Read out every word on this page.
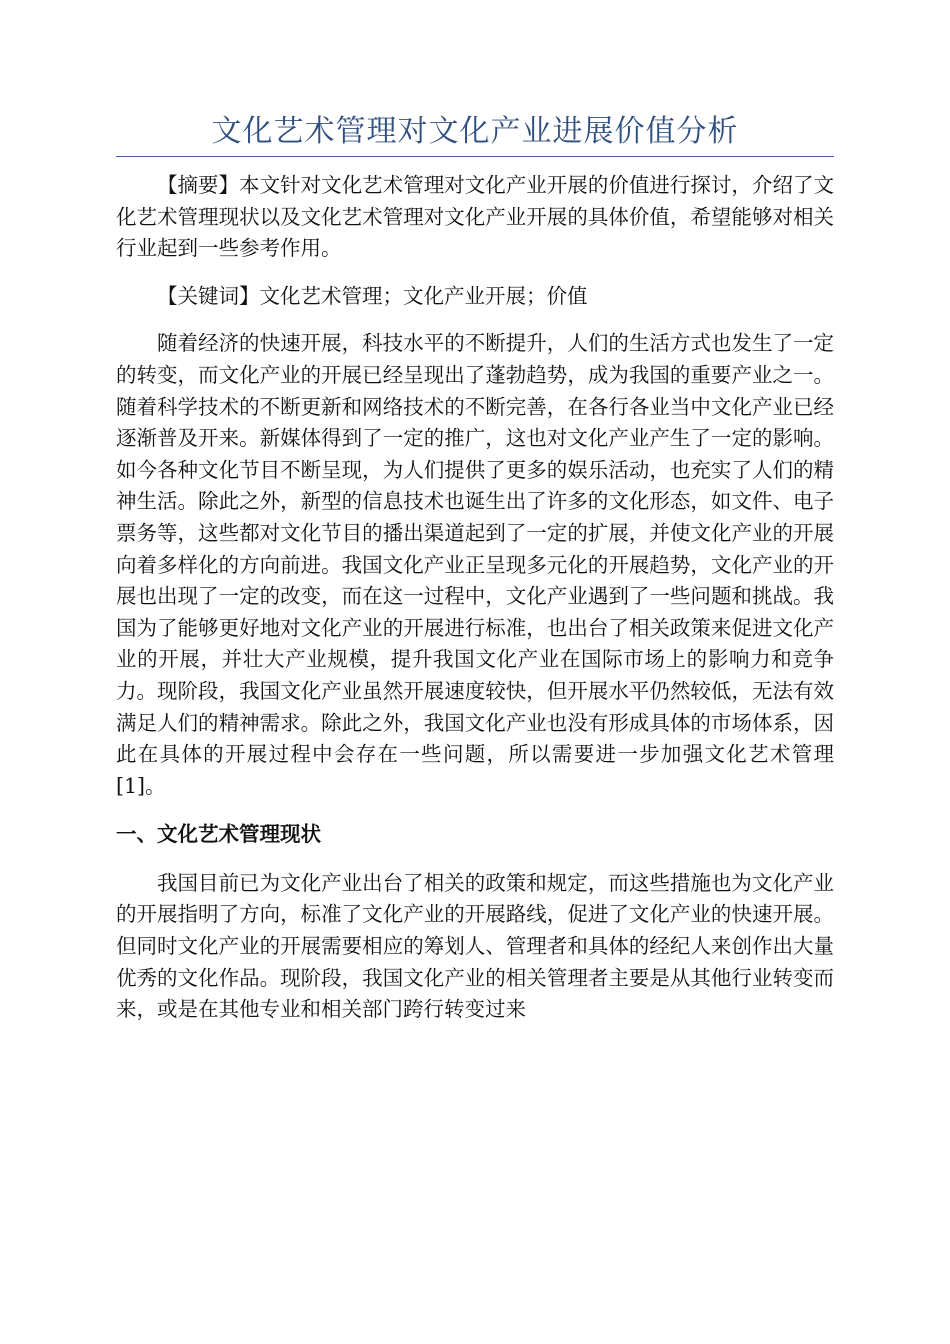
文化艺术管理对文化产业进展价值分析

【摘要】本文针对文化艺术管理对文化产业开展的价值进行探讨，介绍了文化艺术管理现状以及文化艺术管理对文化产业开展的具体价值，希望能够对相关行业起到一些参考作用。

【关键词】文化艺术管理；文化产业开展；价值

随着经济的快速开展，科技水平的不断提升，人们的生活方式也发生了一定的转变，而文化产业的开展已经呈现出了蓬勃趋势，成为我国的重要产业之一。随着科学技术的不断更新和网络技术的不断完善，在各行各业当中文化产业已经逐渐普及开来。新媒体得到了一定的推广，这也对文化产业产生了一定的影响。如今各种文化节目不断呈现，为人们提供了更多的娱乐活动，也充实了人们的精神生活。除此之外，新型的信息技术也诞生出了许多的文化形态，如文件、电子票务等，这些都对文化节目的播出渠道起到了一定的扩展，并使文化产业的开展向着多样化的方向前进。我国文化产业正呈现多元化的开展趋势，文化产业的开展也出现了一定的改变，而在这一过程中，文化产业遇到了一些问题和挑战。我国为了能够更好地对文化产业的开展进行标准，也出台了相关政策来促进文化产业的开展，并壮大产业规模，提升我国文化产业在国际市场上的影响力和竞争力。现阶段，我国文化产业虽然开展速度较快，但开展水平仍然较低，无法有效满足人们的精神需求。除此之外，我国文化产业也没有形成具体的市场体系，因此在具体的开展过程中会存在一些问题，所以需要进一步加强文化艺术管理[1]。

一、文化艺术管理现状

我国目前已为文化产业出台了相关的政策和规定，而这些措施也为文化产业的开展指明了方向，标准了文化产业的开展路线，促进了文化产业的快速开展。但同时文化产业的开展需要相应的筹划人、管理者和具体的经纪人来创作出大量优秀的文化作品。现阶段，我国文化产业的相关管理者主要是从其他行业转变而来，或是在其他专业和相关部门跨行转变过来
